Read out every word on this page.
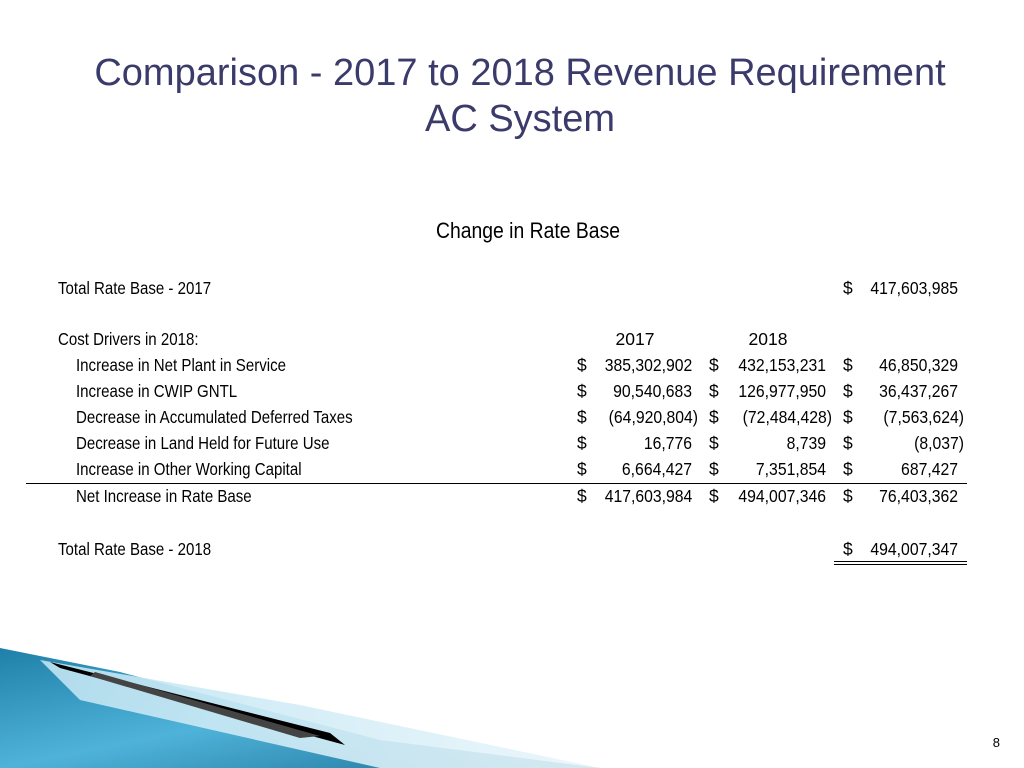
Comparison - 2017 to 2018 Revenue Requirement
AC System
Change in Rate Base
Total Rate Base - 2017	$ 417,603,985
Cost Drivers in 2018:	2017	2018
Increase in Net Plant in Service	$ 385,302,902 $ 432,153,231 $	46,850,329
Increase in CWIP GNTL	$	90,540,683 $ 126,977,950 $	36,437,267
Decrease in Accumulated Deferred Taxes	$ (64,920,804) $	(72,484,428) $	(7,563,624)
Decrease in Land Held for Future Use	$	16,776 $	8,739 $	(8,037)
Increase in Other Working Capital	$	6,664,427 $	7,351,854 $	687,427
Net Increase in Rate Base	$ 417,603,984 $ 494,007,346 $	76,403,362
Total Rate Base - 2018	$ 494,007,347
8
